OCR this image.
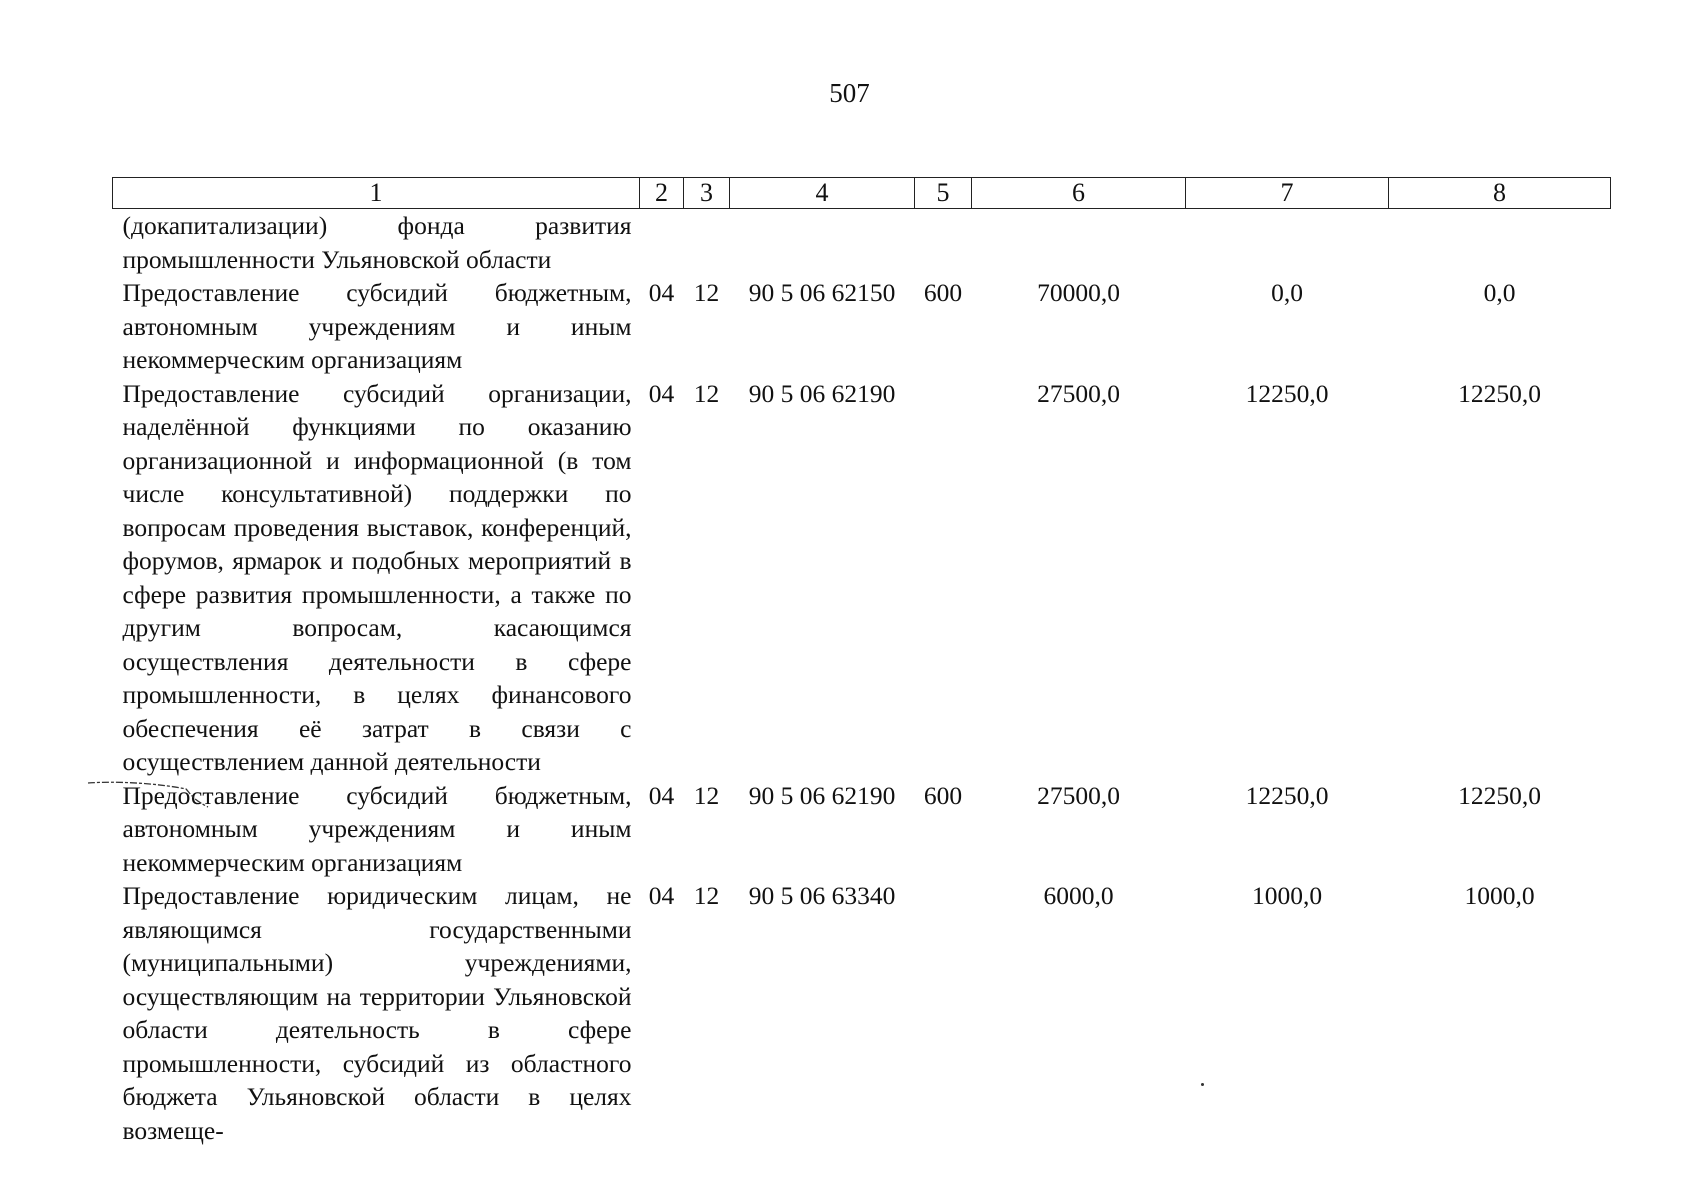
507
1	2	3	4	5	6	7	8
(докапитализации) фонда развития промышленности Ульяновской области							
Предоставление субсидий бюджетным, автономным учреждениям и иным некоммерческим организациям	04	12	90 5 06 62150	600	70000,0	0,0	0,0
Предоставление субсидий организации, наделённой функциями по оказанию организационной и информационной (в том числе консультативной) поддержки по вопросам проведения выставок, конференций, форумов, ярмарок и подобных мероприятий в сфере развития промышленности, а также по другим вопросам, касающимся осуществления деятельности в сфере промышленности, в целях финансового обеспечения её затрат в связи с осуществлением данной деятельности	04	12	90 5 06 62190		27500,0	12250,0	12250,0
Предоставление субсидий бюджетным, автономным учреждениям и иным некоммерческим организациям	04	12	90 5 06 62190	600	27500,0	12250,0	12250,0
Предоставление юридическим лицам, не являющимся государственными (муниципальными) учреждениями, осуществляющим на территории Ульяновской области деятельность в сфере промышленности, субсидий из областного бюджета Ульяновской области в целях возмеще-	04	12	90 5 06 63340		6000,0	1000,0	1000,0
